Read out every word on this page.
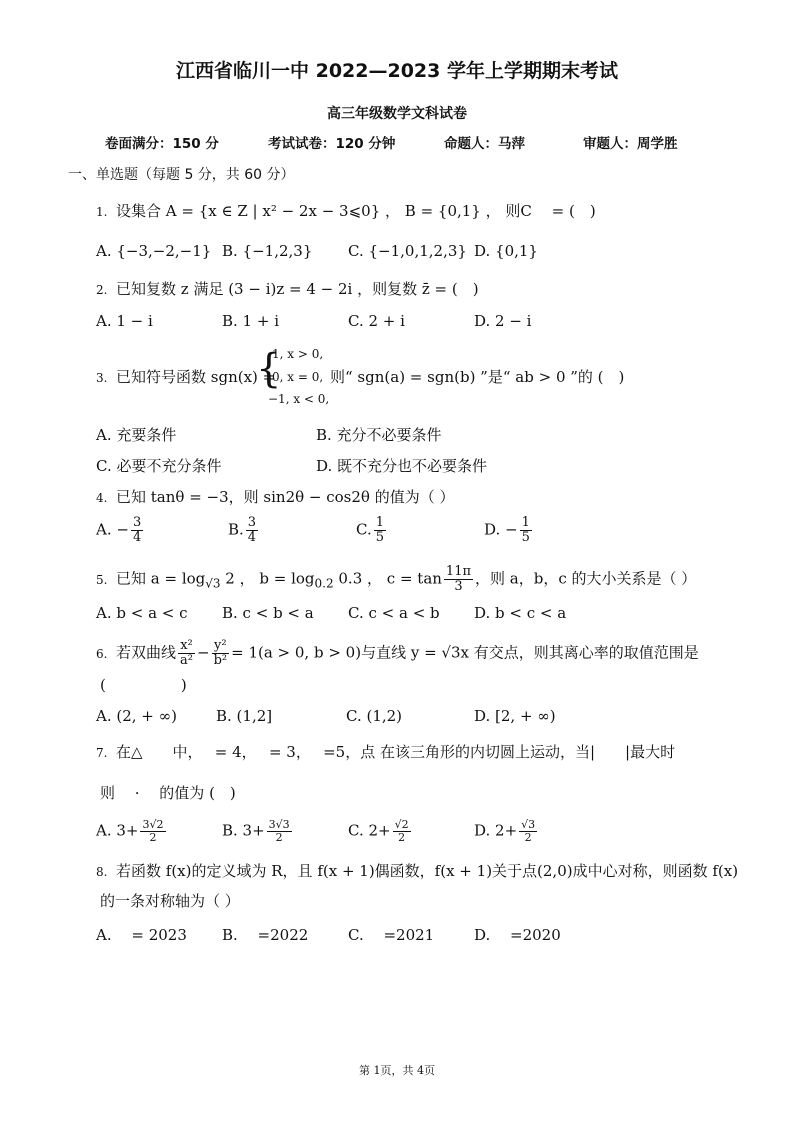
江西省临川一中 2022—2023 学年上学期期末考试
高三年级数学文科试卷
卷面满分：150 分	考试试卷：120 分钟	命题人：马萍	审题人：周学胜
一、单选题（每题 5 分，共 60 分）
1. 设集合 A = {x ∈ Z | x² − 2x − 3⩽0} ， B = {0,1} ， 则C　 = (　)
A. {−3,−2,−1} B. {−1,2,3} C. {−1,0,1,2,3} D. {0,1}
2. 已知复数 z 满足 (3 − i)z = 4 − 2i ，则复数 z̄ = (　)
A. 1 − i	B. 1 + i	C. 2 + i	D. 2 − i
3. 已知符号函数 sgn(x) =
{
1, x > 0,
0, x = 0,
−1, x < 0,
则“ sgn(a) = sgn(b) ”是“ ab > 0 ”的 (　)
A. 充要条件	B. 充分不必要条件
C. 必要不充分条件	D. 既不充分也不必要条件
4. 已知 tanθ = −3，则 sin2θ − cos2θ 的值为（ ）
A. − $\frac{3}{4}$	B. $\frac{3}{4}$	C. $\frac{1}{5}$	D. − $\frac{1}{5}$
5. 已知 $a = \log_{√3} 2$ ， $b = \log_{0.2} 0.3$ ， $c = \tan \frac{11\pi}{3}$ ，则 a，b，c 的大小关系是（ ）
A. b < a < c B. c < b < a C. c < a < b D. b < c < a
6. 若双曲线 $\frac{\text{x²}}{\text{a²}} - \frac{\text{y²}}{\text{b²}} = 1(a > 0$, b > 0)与直线 y = √3x 有交点，则其离心率的取值范围是
(　　　　　)
A. (2, + ∞)	B. (1,2]	C. (1,2)	D. [2, + ∞)
7. 在△　　中，　 = 4，　 = 3，　 =5，点 在该三角形的内切圆上运动，当|　　|最大时
则　 ·　 的值为 (　)
A. $3+ \frac{3√2}{2}$	B. $3+ \frac{3√3}{2}$	C. $2+ \frac{√2}{2}$	D. $2+ \frac{√3}{2}$
8. 若函数 f(x)的定义域为 R，且 f(x + 1)偶函数，f(x + 1)关于点(2,0)成中心对称，则函数 f(x)
的一条对称轴为（ ）
A.　 = 2023 B.　 =2022	C.　 =2021	D.　 =2020
第 1页，共 4页
